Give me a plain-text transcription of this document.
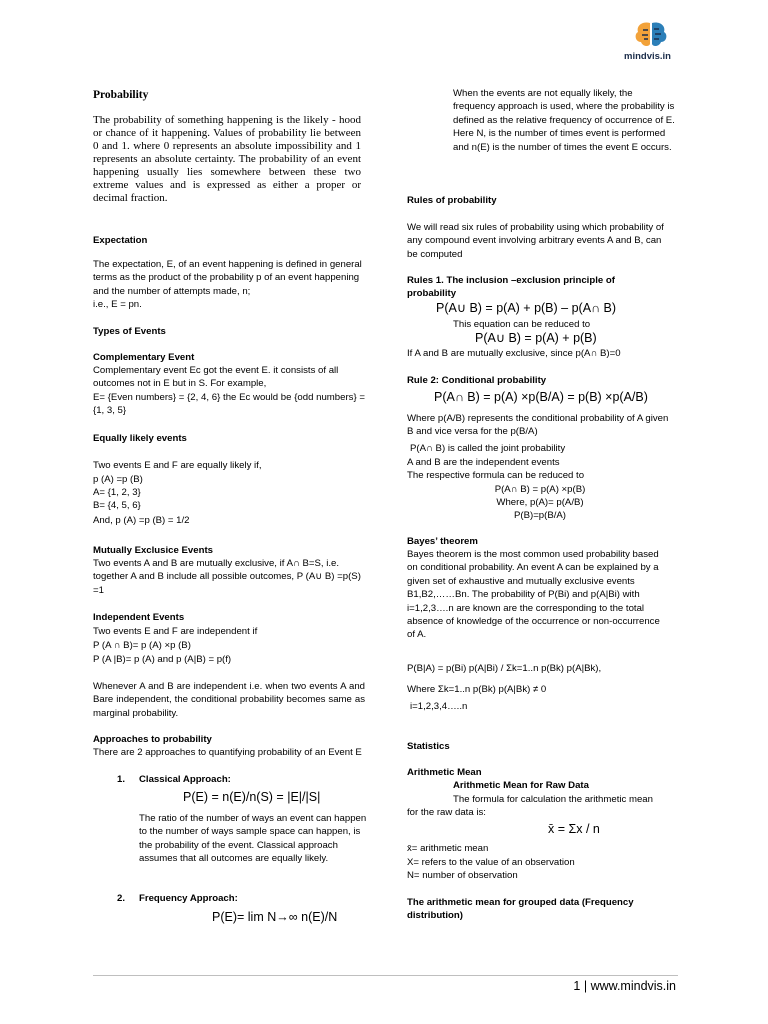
mindvis.in
Probability
The probability of something happening is the likely - hood or chance of it happening. Values of probability lie between 0 and 1. where 0 represents an absolute impossibility and 1 represents an absolute certainty. The probability of an event happening usually lies somewhere between these two extreme values and is expressed as either a proper or decimal fraction.
Expectation
The expectation, E, of an event happening is defined in general terms as the product of the probability p of an event happening and the number of attempts made, n;
i.e., E = pn.
Types of Events
Complementary Event
Complementary event Ec got the event E. it consists of all outcomes not in E but in S. For example,
E= {Even numbers} = {2, 4, 6} the Ec would be {odd numbers} = {1, 3, 5}
Equally likely events
Two events E and F are equally likely if,
p (A) =p (B)
A= {1, 2, 3}
B= {4, 5, 6}
And, p (A) =p (B) = 1/2
Mutually Exclusice Events
Two events A and B are mutually exclusive, if A∩ B=S, i.e. together A and B include all possible outcomes, P (A∪ B) =p(S) =1
Independent Events
Two events E and F are independent if
P (A ∩ B)= p (A) ×p (B)
P (A |B)= p (A) and p (A|B) = p(f)
Whenever A and B are independent i.e. when two events A and Bare independent, the conditional probability becomes same as marginal probability.
Approaches to probability
There are 2 approaches to quantifying probability of an Event E
1. Classical Approach:
P(E) = n(E)/n(S) = |E|/|S|
The ratio of the number of ways an event can happen to the number of ways sample space can happen, is the probability of the event. Classical approach assumes that all outcomes are equally likely.
2. Frequency Approach:
P(E)= lim N→∞ n(E)/N
When the events are not equally likely, the frequency approach is used, where the probability is defined as the relative frequency of occurrence of E. Here N, is the number of times event is performed and n(E) is the number of times the event E occurs.
Rules of probability
We will read six rules of probability using which probability of any compound event involving arbitrary events A and B, can be computed
Rules 1. The inclusion –exclusion principle of probability
P(A∪ B) = p(A) + p(B) – p(A∩ B)
This equation can be reduced to
P(A∪ B) = p(A) + p(B)
If A and B are mutually exclusive, since p(A∩ B)=0
Rule 2: Conditional probability
P(A∩ B) = p(A) ×p(B/A) = p(B) ×p(A/B)
Where p(A/B) represents the conditional probability of A given B and vice versa for the p(B/A)
P(A∩ B) is called the joint probability
A and B are the independent events
The respective formula can be reduced to
P(A∩ B) = p(A) ×p(B)
Where, p(A)= p(A/B)
P(B)=p(B/A)
Bayes’ theorem
Bayes theorem is the most common used probability based on conditional probability. An event A can be explained by a given set of exhaustive and mutually exclusive events B1,B2,……Bn. The probability of P(Bi) and p(A|Bi) with i=1,2,3….n are known are the corresponding to the total absence of knowledge of the occurrence or non-occurrence of A.
P(B|A) = p(Bi) p(A|Bi) / Σk=1..n p(Bk) p(A|Bk),
Where Σk=1..n p(Bk) p(A|Bk) ≠ 0
i=1,2,3,4…..n
Statistics
Arithmetic Mean
Arithmetic Mean for Raw Data
The formula for calculation the arithmetic mean for the raw data is:
x̄ = Σx / n
x̄= arithmetic mean
X= refers to the value of an observation
N= number of observation
The arithmetic mean for grouped data (Frequency distribution)
1 | www.mindvis.in
